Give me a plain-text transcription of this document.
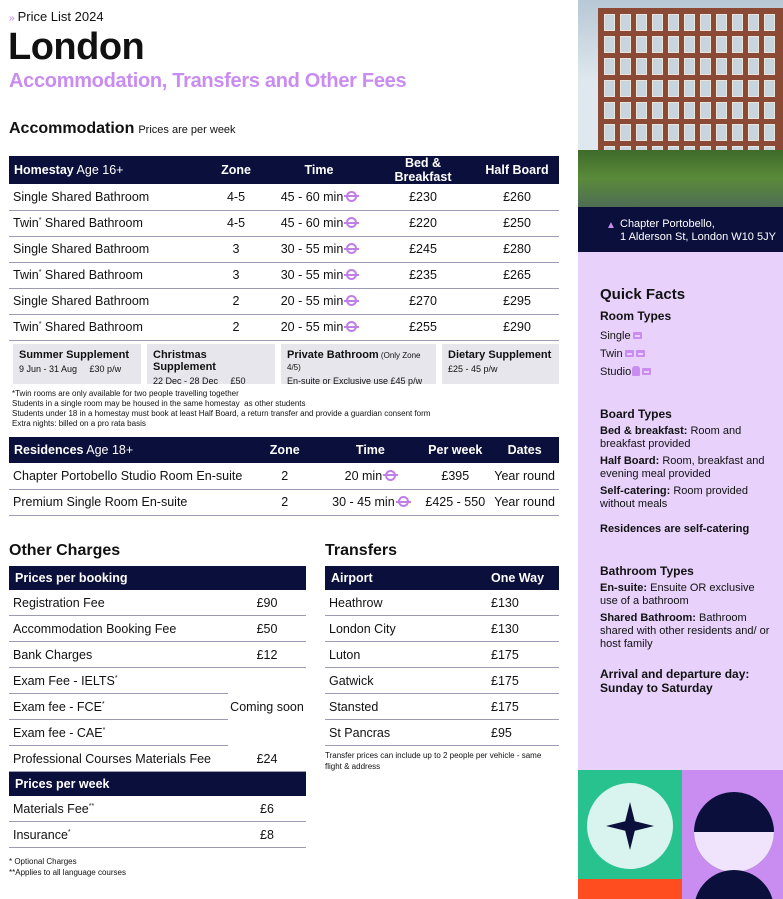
» Price List 2024
London
Accommodation, Transfers and Other Fees
Accommodation Prices are per week
Homestay Age 16+	Zone	Time	Bed & Breakfast	Half Board
Single Shared Bathroom	4-5	45 - 60 min	£230	£260
Twin* Shared Bathroom	4-5	45 - 60 min	£220	£250
Single Shared Bathroom	3	30 - 55 min	£245	£280
Twin* Shared Bathroom	3	30 - 55 min	£235	£265
Single Shared Bathroom	2	20 - 55 min	£270	£295
Twin* Shared Bathroom	2	20 - 55 min	£255	£290
Summer Supplement
9 Jun - 31 Aug     £30 p/w
Christmas Supplement
22 Dec - 28 Dec     £50
Private Bathroom (Only Zone 4/5)
En-suite or Exclusive use £45 p/w
Dietary Supplement
£25 - 45 p/w
*Twin rooms are only available for two people travelling together
Students in a single room may be housed in the same homestay  as other students
Students under 18 in a homestay must book at least Half Board, a return transfer and provide a guardian consent form
Extra nights: billed on a pro rata basis
Residences Age 18+	Zone	Time	Per week	Dates
Chapter Portobello Studio Room En-suite	2	20 min	£395	Year round
Premium Single Room En-suite	2	30 - 45 min	£425 - 550	Year round
Other Charges	Transfers
Prices per booking
Registration Fee	£90
Accommodation Booking Fee	£50
Bank Charges	£12
Exam Fee - IELTS*
Exam fee - FCE*
Exam fee - CAE*
Coming soon
Professional Courses Materials Fee	£24
Prices per week
Materials Fee**	£6
Insurance*	£8
* Optional Charges
**Applies to all language courses
Airport	One Way
Heathrow	£130
London City	£130
Luton	£175
Gatwick	£175
Stansted	£175
St Pancras	£95
Transfer prices can include up to 2 people per vehicle - same flight & address
▲ Chapter Portobello,
1 Alderson St, London W10 5JY
Quick Facts
Room Types

Single

Twin

Studio

Board Types

Bed & breakfast: Room and breakfast provided

Half Board: Room, breakfast and evening meal provided

Self-catering: Room provided without meals

Residences are self-catering

Bathroom Types

En-suite: Ensuite OR exclusive use of a bathroom

Shared Bathroom: Bathroom shared with other residents and/ or host family

Arrival and departure day: Sunday to Saturday
